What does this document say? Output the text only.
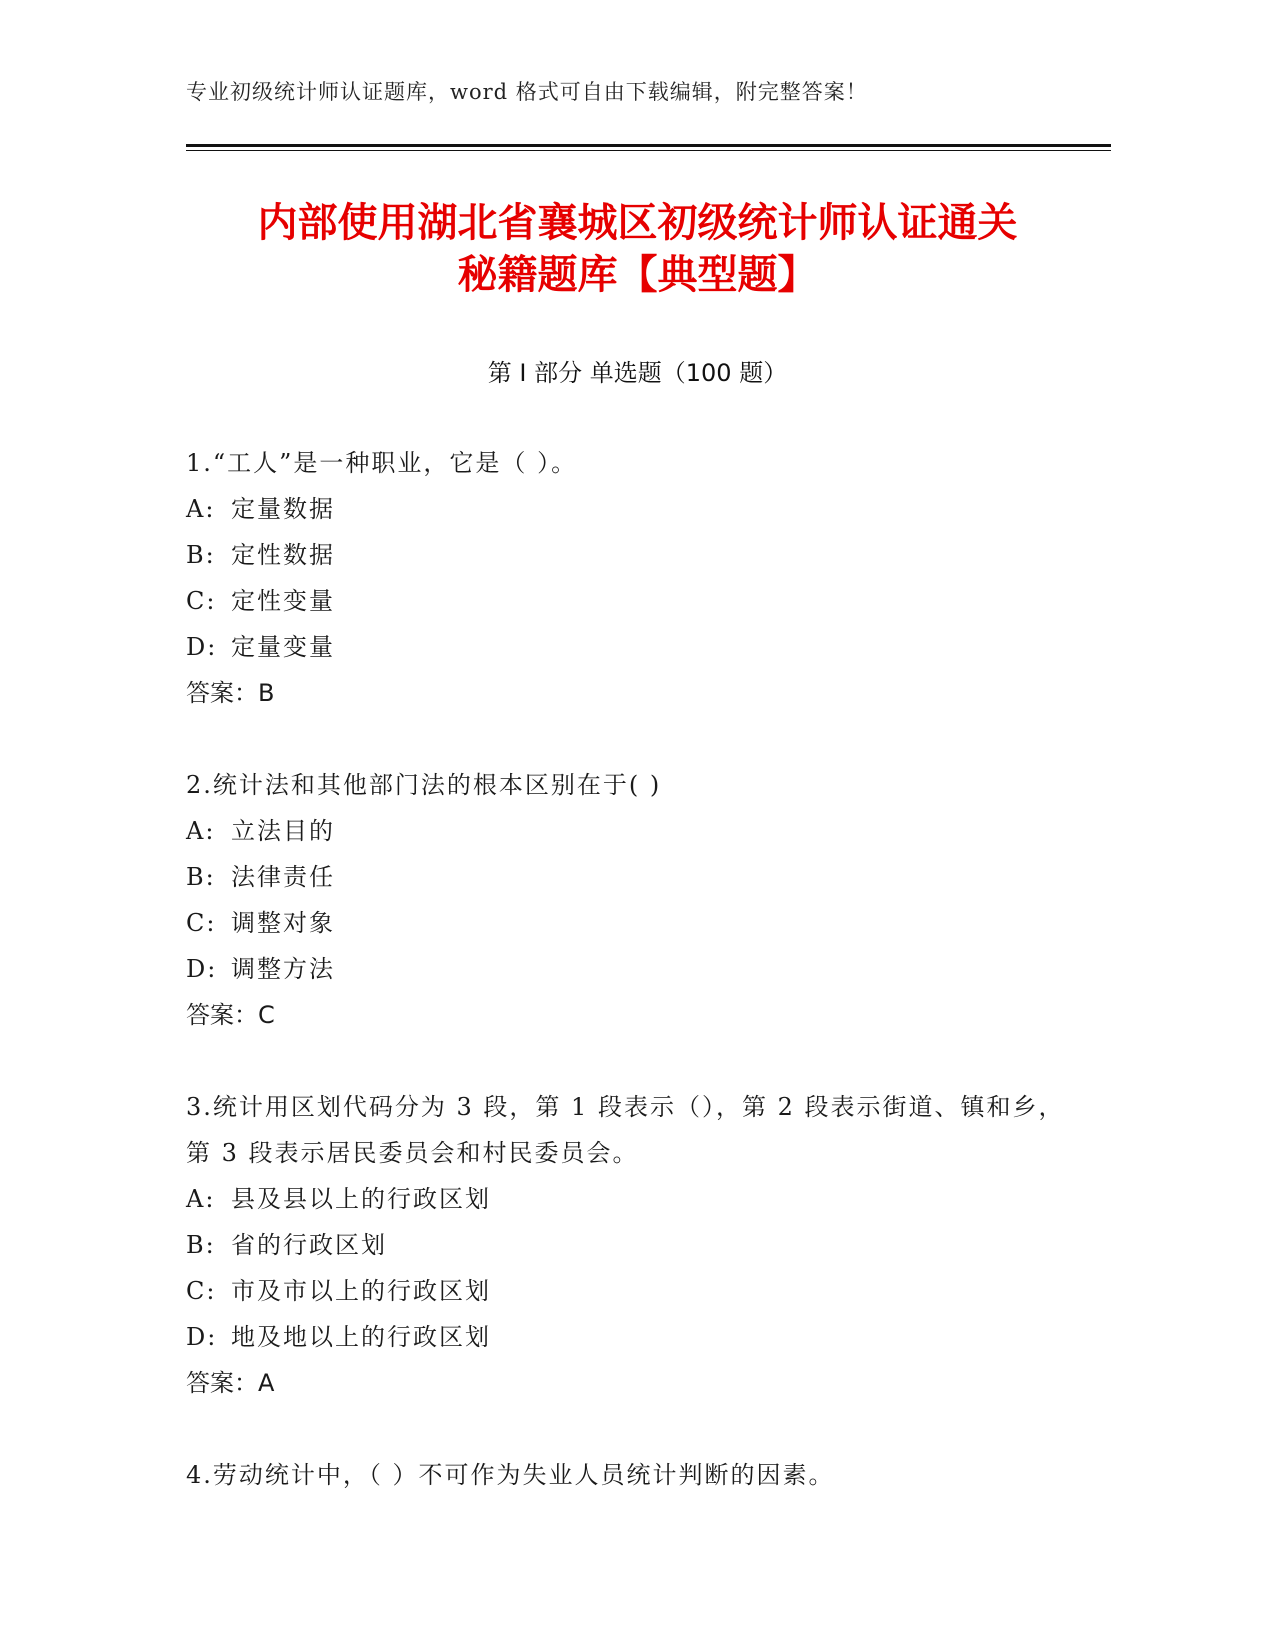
专业初级统计师认证题库，word 格式可自由下载编辑，附完整答案！
内部使用湖北省襄城区初级统计师认证通关
秘籍题库【典型题】
第 I 部分 单选题（100 题）

1.“工人”是一种职业，它是（ ）。

A: 定量数据

B: 定性数据

C: 定性变量

D: 定量变量

答案：B

2.统计法和其他部门法的根本区别在于( )

A: 立法目的

B: 法律责任

C: 调整对象

D: 调整方法

答案：C

3.统计用区划代码分为 3 段，第 1 段表示（），第 2 段表示街道、镇和乡，第 3 段表示居民委员会和村民委员会。

A: 县及县以上的行政区划

B: 省的行政区划

C: 市及市以上的行政区划

D: 地及地以上的行政区划

答案：A

4.劳动统计中，（ ）不可作为失业人员统计判断的因素。
